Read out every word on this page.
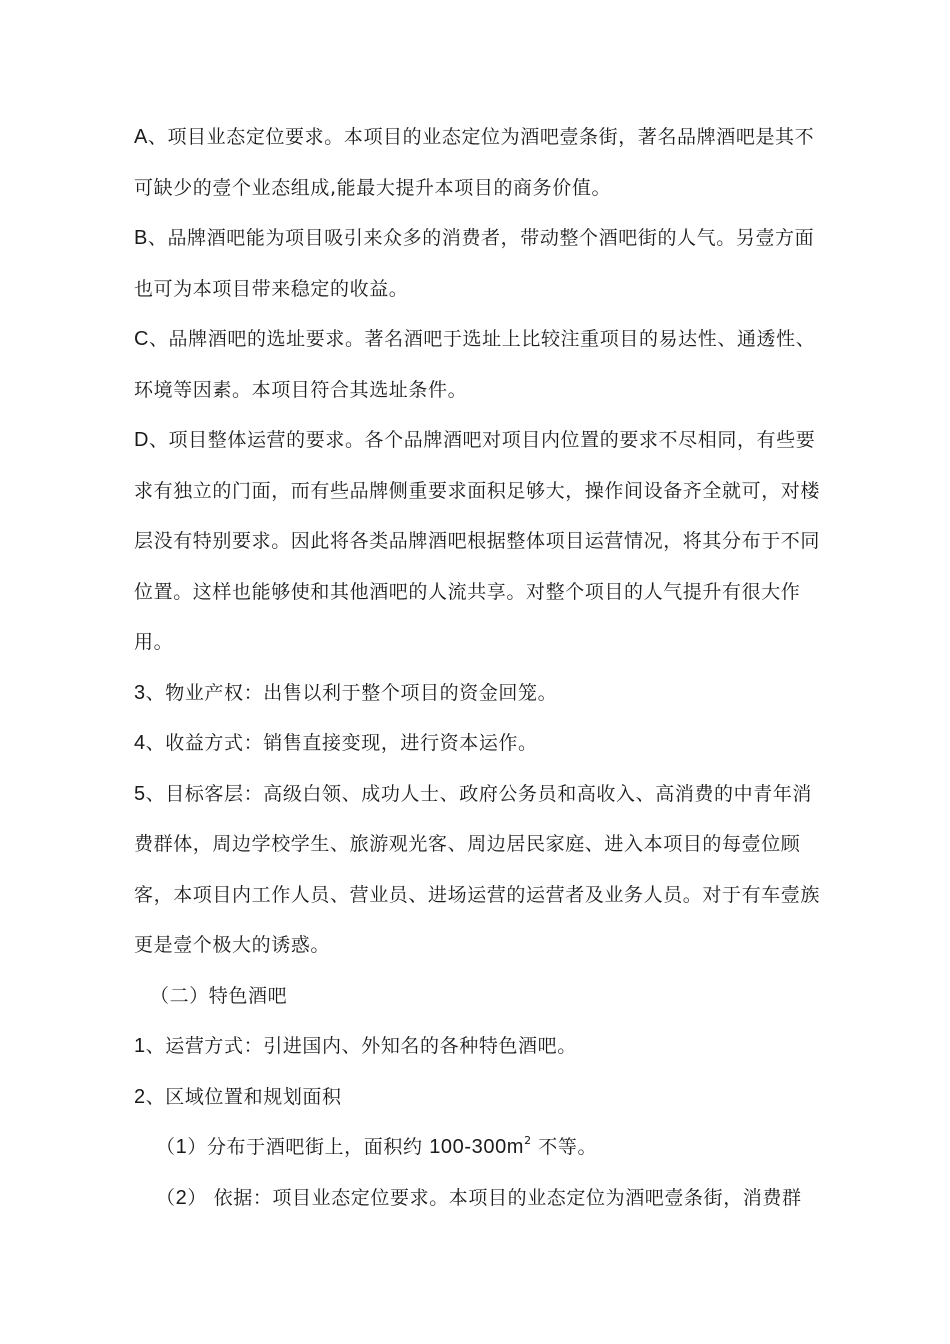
A、项目业态定位要求。本项目的业态定位为酒吧壹条街，著名品牌酒吧是其不可缺少的壹个业态组成,能最大提升本项目的商务价值。

B、品牌酒吧能为项目吸引来众多的消费者，带动整个酒吧街的人气。另壹方面也可为本项目带来稳定的收益。

C、品牌酒吧的选址要求。著名酒吧于选址上比较注重项目的易达性、通透性、环境等因素。本项目符合其选址条件。

D、项目整体运营的要求。各个品牌酒吧对项目内位置的要求不尽相同，有些要求有独立的门面，而有些品牌侧重要求面积足够大，操作间设备齐全就可，对楼层没有特别要求。因此将各类品牌酒吧根据整体项目运营情况，将其分布于不同位置。这样也能够使和其他酒吧的人流共享。对整个项目的人气提升有很大作用。

3、物业产权：出售以利于整个项目的资金回笼。

4、收益方式：销售直接变现，进行资本运作。

5、目标客层：高级白领、成功人士、政府公务员和高收入、高消费的中青年消费群体，周边学校学生、旅游观光客、周边居民家庭、进入本项目的每壹位顾客，本项目内工作人员、营业员、进场运营的运营者及业务人员。对于有车壹族更是壹个极大的诱惑。

（二）特色酒吧

1、运营方式：引进国内、外知名的各种特色酒吧。

2、区域位置和规划面积

（1）分布于酒吧街上，面积约 $100-300m^2$ 不等。

（2） 依据：项目业态定位要求。本项目的业态定位为酒吧壹条街，消费群
